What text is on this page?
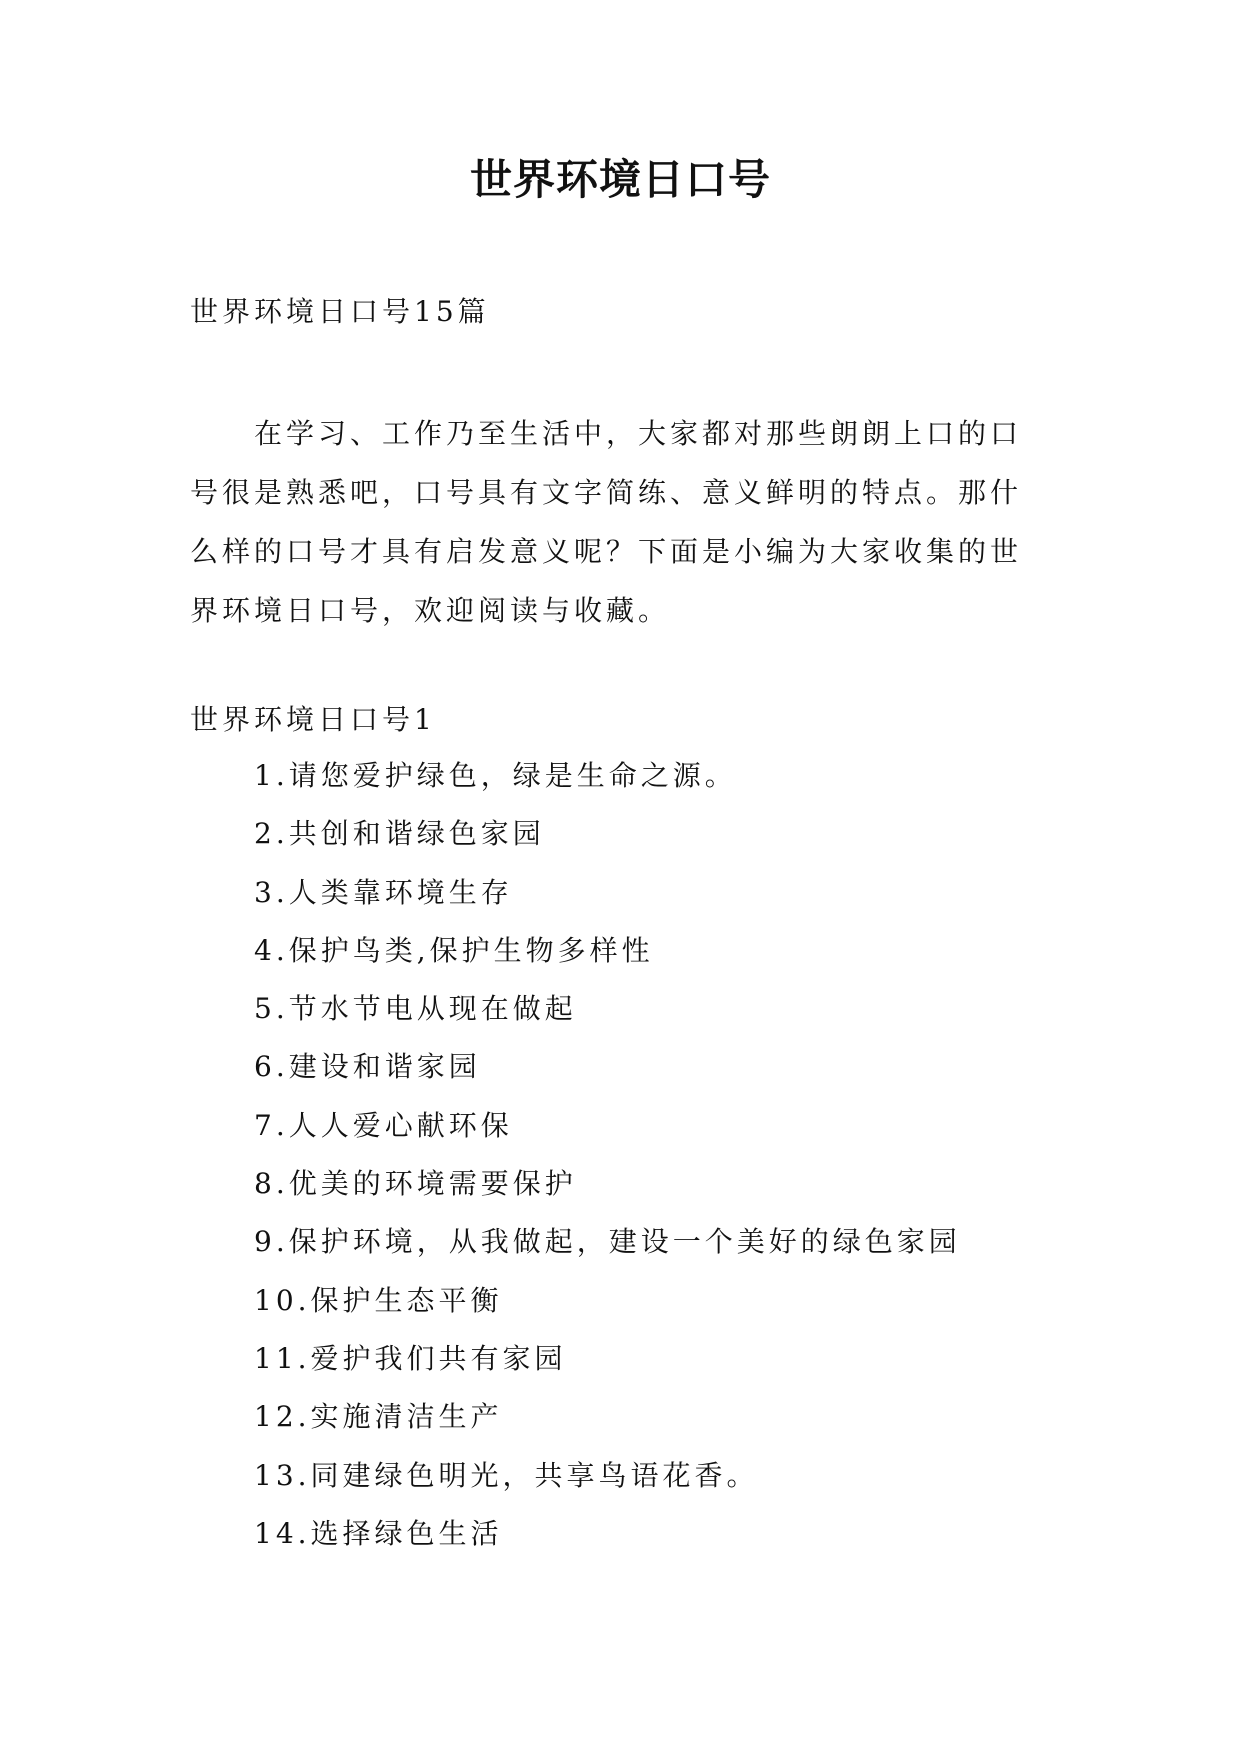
世界环境日口号
世界环境日口号15篇

在学习、工作乃至生活中，大家都对那些朗朗上口的口号很是熟悉吧，口号具有文字简练、意义鲜明的特点。那什么样的口号才具有启发意义呢？下面是小编为大家收集的世界环境日口号，欢迎阅读与收藏。

世界环境日口号1
1.请您爱护绿色，绿是生命之源。
2.共创和谐绿色家园
3.人类靠环境生存
4.保护鸟类,保护生物多样性
5.节水节电从现在做起
6.建设和谐家园
7.人人爱心献环保
8.优美的环境需要保护
9.保护环境，从我做起，建设一个美好的绿色家园
10.保护生态平衡
11.爱护我们共有家园
12.实施清洁生产
13.同建绿色明光，共享鸟语花香。
14.选择绿色生活
